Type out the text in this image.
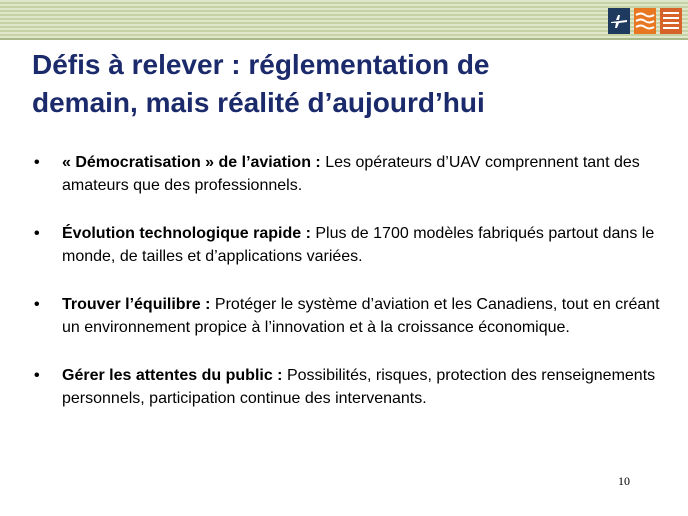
Défis à relever : réglementation de
demain, mais réalité d’aujourd’hui
• « Démocratisation » de l’aviation : Les opérateurs d’UAV comprennent tant des amateurs que des professionnels.
• Évolution technologique rapide : Plus de 1700 modèles fabriqués partout dans le monde, de tailles et d’applications variées.
• Trouver l’équilibre : Protéger le système d’aviation et les Canadiens, tout en créant un environnement propice à l’innovation et à la croissance économique.
• Gérer les attentes du public : Possibilités, risques, protection des renseignements personnels, participation continue des intervenants.
10
